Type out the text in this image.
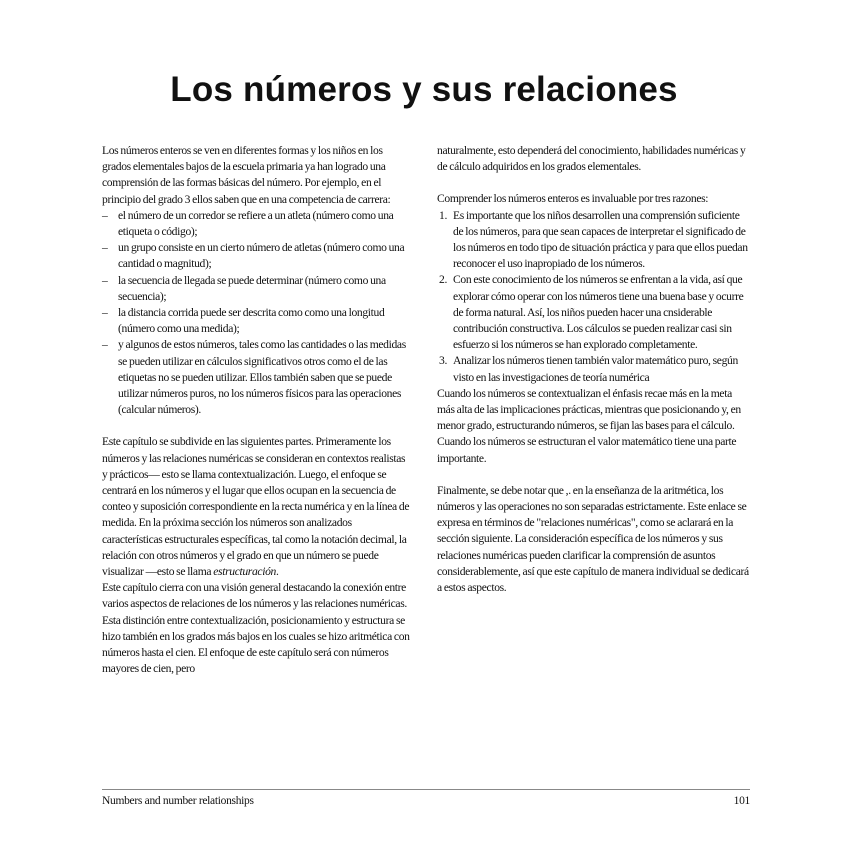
Los números y sus relaciones

Los números enteros se ven en diferentes formas y los niños en los grados elementales bajos de la escuela primaria ya han logrado una comprensión de las formas básicas del número. Por ejemplo, en el principio del grado 3 ellos saben que en una competencia de carrera:

– el número de un corredor se refiere a un atleta (número como una etiqueta o código);
– un grupo consiste en un cierto número de atletas (número como una cantidad o magnitud);
– la secuencia de llegada se puede determinar (número como una secuencia);
– la distancia corrida puede ser descrita como como una longitud (número como una medida);
– y algunos de estos números, tales como las cantidades o las medidas se pueden utilizar en cálculos significativos otros como el de las etiquetas no se pueden utilizar. Ellos también saben que se puede utilizar números puros, no los números físicos para las operaciones (calcular números).

Este capítulo se subdivide en las siguientes partes. Primeramente los números y las relaciones numéricas se consideran en contextos realistas y prácticos— esto se llama contextualización. Luego, el enfoque se centrará en los números y el lugar que ellos ocupan en la secuencia de conteo y suposición correspondiente en la recta numérica y en la línea de medida. En la próxima sección los números son analizados características estructurales específicas, tal como la notación decimal, la relación con otros números y el grado en que un número se puede visualizar —esto se llama estructuración.

Este capítulo cierra con una visión general destacando la conexión entre varios aspectos de relaciones de los números y las relaciones numéricas. Esta distinción entre contextualización, posicionamiento y estructura se hizo también en los grados más bajos en los cuales se hizo aritmética con números hasta el cien. El enfoque de este capítulo será con números mayores de cien, pero

naturalmente, esto dependerá del conocimiento, habilidades numéricas y de cálculo adquiridos en los grados elementales.

Comprender los números enteros es invaluable por tres razones:

1. Es importante que los niños desarrollen una comprensión suficiente de los números, para que sean capaces de interpretar el significado de los números en todo tipo de situación práctica y para que ellos puedan reconocer el uso inapropiado de los números.
2. Con este conocimiento de los números se enfrentan a la vida, así que explorar cómo operar con los números tiene una buena base y ocurre de forma natural. Así, los niños pueden hacer una cnsiderable contribución constructiva. Los cálculos se pueden realizar casi sin esfuerzo si los números se han explorado completamente.
3. Analizar los números tienen también valor matemático puro, según visto en las investigaciones de teoría numérica

Cuando los números se contextualizan el énfasis recae más en la meta más alta de las implicaciones prácticas, mientras que posicionando y, en menor grado, estructurando números, se fijan las bases para el cálculo. Cuando los números se estructuran el valor matemático tiene una parte importante.

Finalmente, se debe notar que ,. en la enseñanza de la aritmética, los números y las operaciones no son separadas estrictamente. Este enlace se expresa en términos de "relaciones numéricas", como se aclarará en la sección siguiente. La consideración específica de los números y sus relaciones numéricas pueden clarificar la comprensión de asuntos considerablemente, así que este capítulo de manera individual se dedicará a estos aspectos.

Numbers and number relationships	101
